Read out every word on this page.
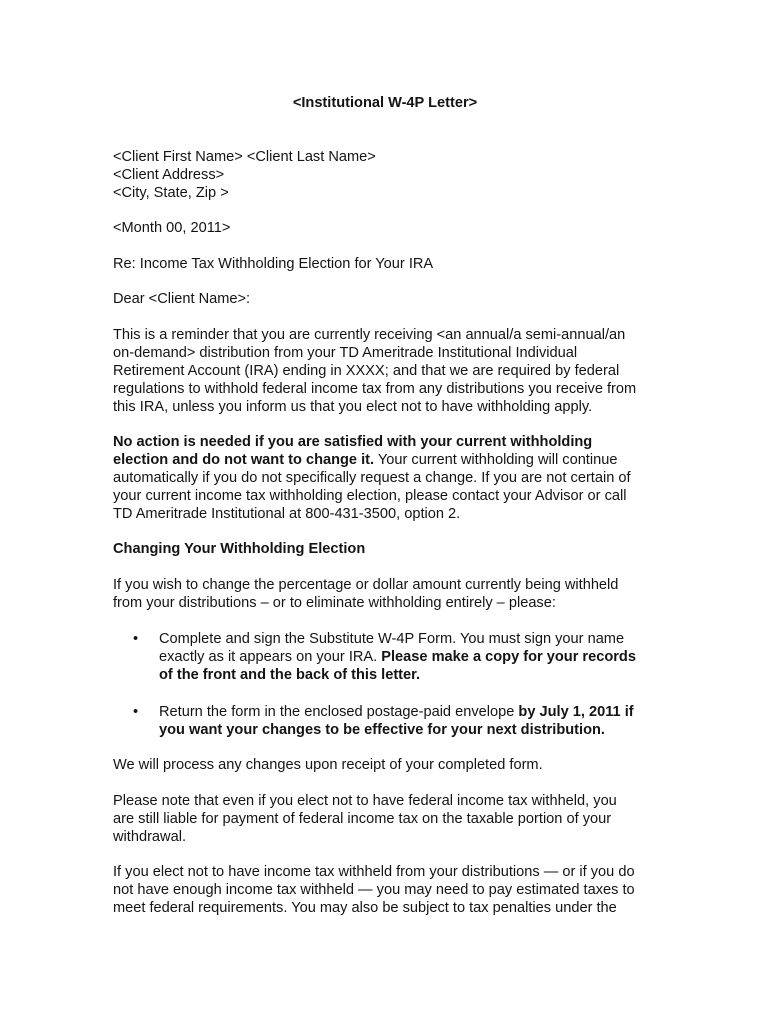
<Institutional W-4P Letter>
<Client First Name> <Client Last Name>
<Client Address>
<City, State, Zip >
<Month 00, 2011>
Re: Income Tax Withholding Election for Your IRA
Dear <Client Name>:
This is a reminder that you are currently receiving <an annual/a semi-annual/an
on-demand> distribution from your TD Ameritrade Institutional Individual
Retirement Account (IRA) ending in XXXX; and that we are required by federal
regulations to withhold federal income tax from any distributions you receive from
this IRA, unless you inform us that you elect not to have withholding apply.
No action is needed if you are satisfied with your current withholding
election and do not want to change it. Your current withholding will continue
automatically if you do not specifically request a change. If you are not certain of
your current income tax withholding election, please contact your Advisor or call
TD Ameritrade Institutional at 800-431-3500, option 2.
Changing Your Withholding Election
If you wish to change the percentage or dollar amount currently being withheld
from your distributions – or to eliminate withholding entirely – please:
• Complete and sign the Substitute W-4P Form. You must sign your name
exactly as it appears on your IRA. Please make a copy for your records
of the front and the back of this letter.
• Return the form in the enclosed postage-paid envelope by July 1, 2011 if
you want your changes to be effective for your next distribution.
We will process any changes upon receipt of your completed form.
Please note that even if you elect not to have federal income tax withheld, you
are still liable for payment of federal income tax on the taxable portion of your
withdrawal.
If you elect not to have income tax withheld from your distributions — or if you do
not have enough income tax withheld — you may need to pay estimated taxes to
meet federal requirements. You may also be subject to tax penalties under the
